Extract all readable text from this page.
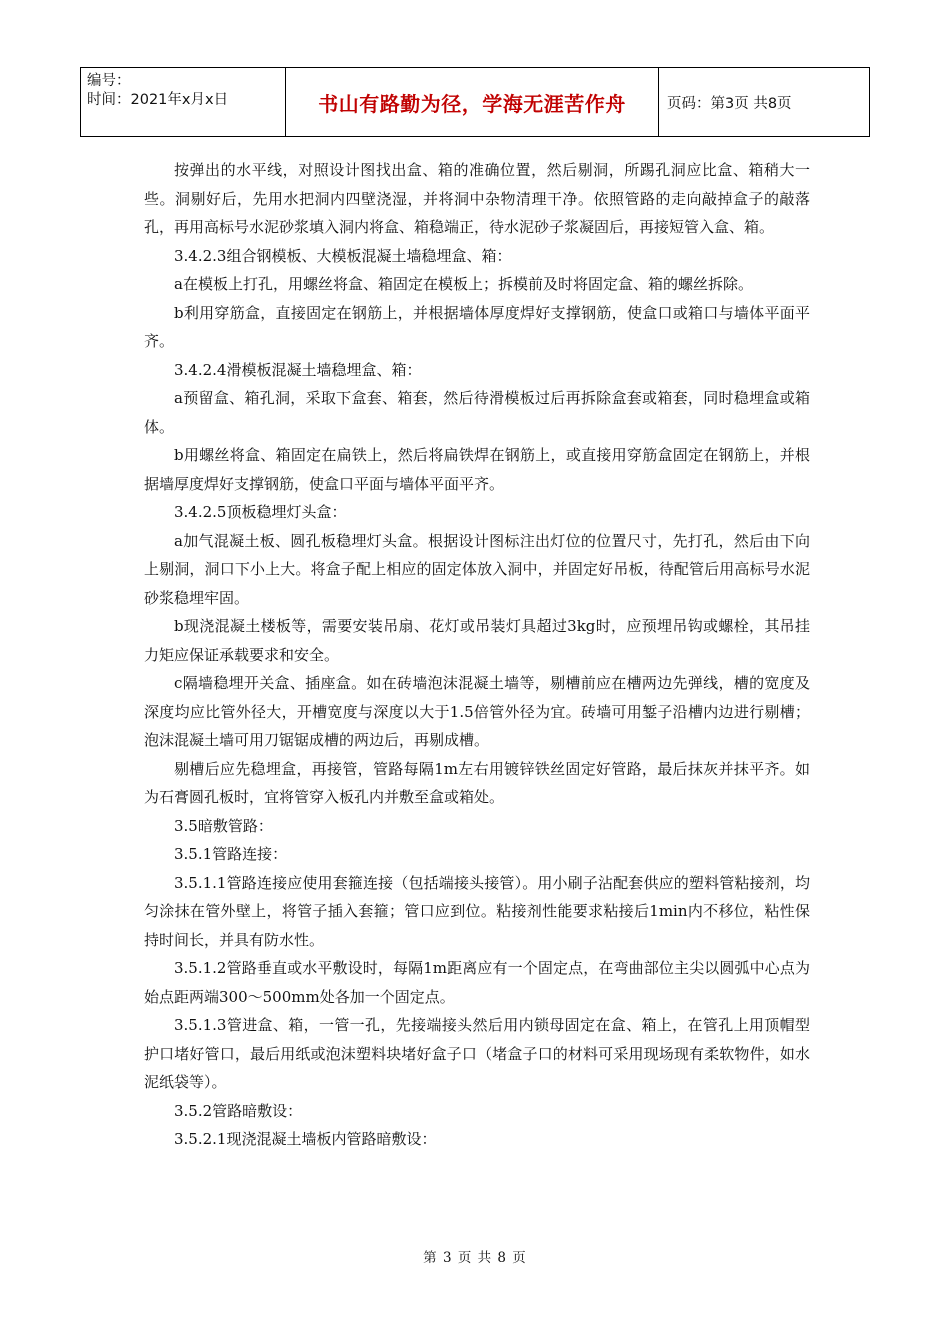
编号：
时间：2021年x月x日	书山有路勤为径，学海无涯苦作舟	页码：第3页 共8页

按弹出的水平线，对照设计图找出盒、箱的准确位置，然后剔洞，所踢孔洞应比盒、箱稍大一些。洞剔好后，先用水把洞内四壁浇湿，并将洞中杂物清理干净。依照管路的走向敲掉盒子的敲落孔，再用高标号水泥砂浆填入洞内将盒、箱稳端正，待水泥砂子浆凝固后，再接短管入盒、箱。

3.4.2.3组合钢模板、大模板混凝土墙稳埋盒、箱：

a在模板上打孔，用螺丝将盒、箱固定在模板上；拆模前及时将固定盒、箱的螺丝拆除。

b利用穿筋盒，直接固定在钢筋上，并根据墙体厚度焊好支撑钢筋，使盒口或箱口与墙体平面平齐。

3.4.2.4滑模板混凝土墙稳埋盒、箱：

a预留盒、箱孔洞，采取下盒套、箱套，然后待滑模板过后再拆除盒套或箱套，同时稳埋盒或箱体。

b用螺丝将盒、箱固定在扁铁上，然后将扁铁焊在钢筋上，或直接用穿筋盒固定在钢筋上，并根据墙厚度焊好支撑钢筋，使盒口平面与墙体平面平齐。

3.4.2.5顶板稳埋灯头盒：

a加气混凝土板、圆孔板稳埋灯头盒。根据设计图标注出灯位的位置尺寸，先打孔，然后由下向上剔洞，洞口下小上大。将盒子配上相应的固定体放入洞中，并固定好吊板，待配管后用高标号水泥砂浆稳埋牢固。

b现浇混凝土楼板等，需要安装吊扇、花灯或吊装灯具超过3kg时，应预埋吊钩或螺栓，其吊挂力矩应保证承载要求和安全。

c隔墙稳埋开关盒、插座盒。如在砖墙泡沫混凝土墙等，剔槽前应在槽两边先弹线，槽的宽度及深度均应比管外径大，开槽宽度与深度以大于1.5倍管外径为宜。砖墙可用錾子沿槽内边进行剔槽；泡沫混凝土墙可用刀锯锯成槽的两边后，再剔成槽。

剔槽后应先稳埋盒，再接管，管路每隔1m左右用镀锌铁丝固定好管路，最后抹灰并抹平齐。如为石膏圆孔板时，宜将管穿入板孔内并敷至盒或箱处。

3.5暗敷管路：

3.5.1管路连接：

3.5.1.1管路连接应使用套箍连接（包括端接头接管）。用小刷子沾配套供应的塑料管粘接剂，均匀涂抹在管外壁上，将管子插入套箍；管口应到位。粘接剂性能要求粘接后1min内不移位，粘性保持时间长，并具有防水性。

3.5.1.2管路垂直或水平敷设时，每隔1m距离应有一个固定点，在弯曲部位主尖以圆弧中心点为始点距两端300～500mm处各加一个固定点。

3.5.1.3管进盒、箱，一管一孔，先接端接头然后用内锁母固定在盒、箱上，在管孔上用顶帽型护口堵好管口，最后用纸或泡沫塑料块堵好盒子口（堵盒子口的材料可采用现场现有柔软物件，如水泥纸袋等）。

3.5.2管路暗敷设：

3.5.2.1现浇混凝土墙板内管路暗敷设：

第 3 页 共 8 页
